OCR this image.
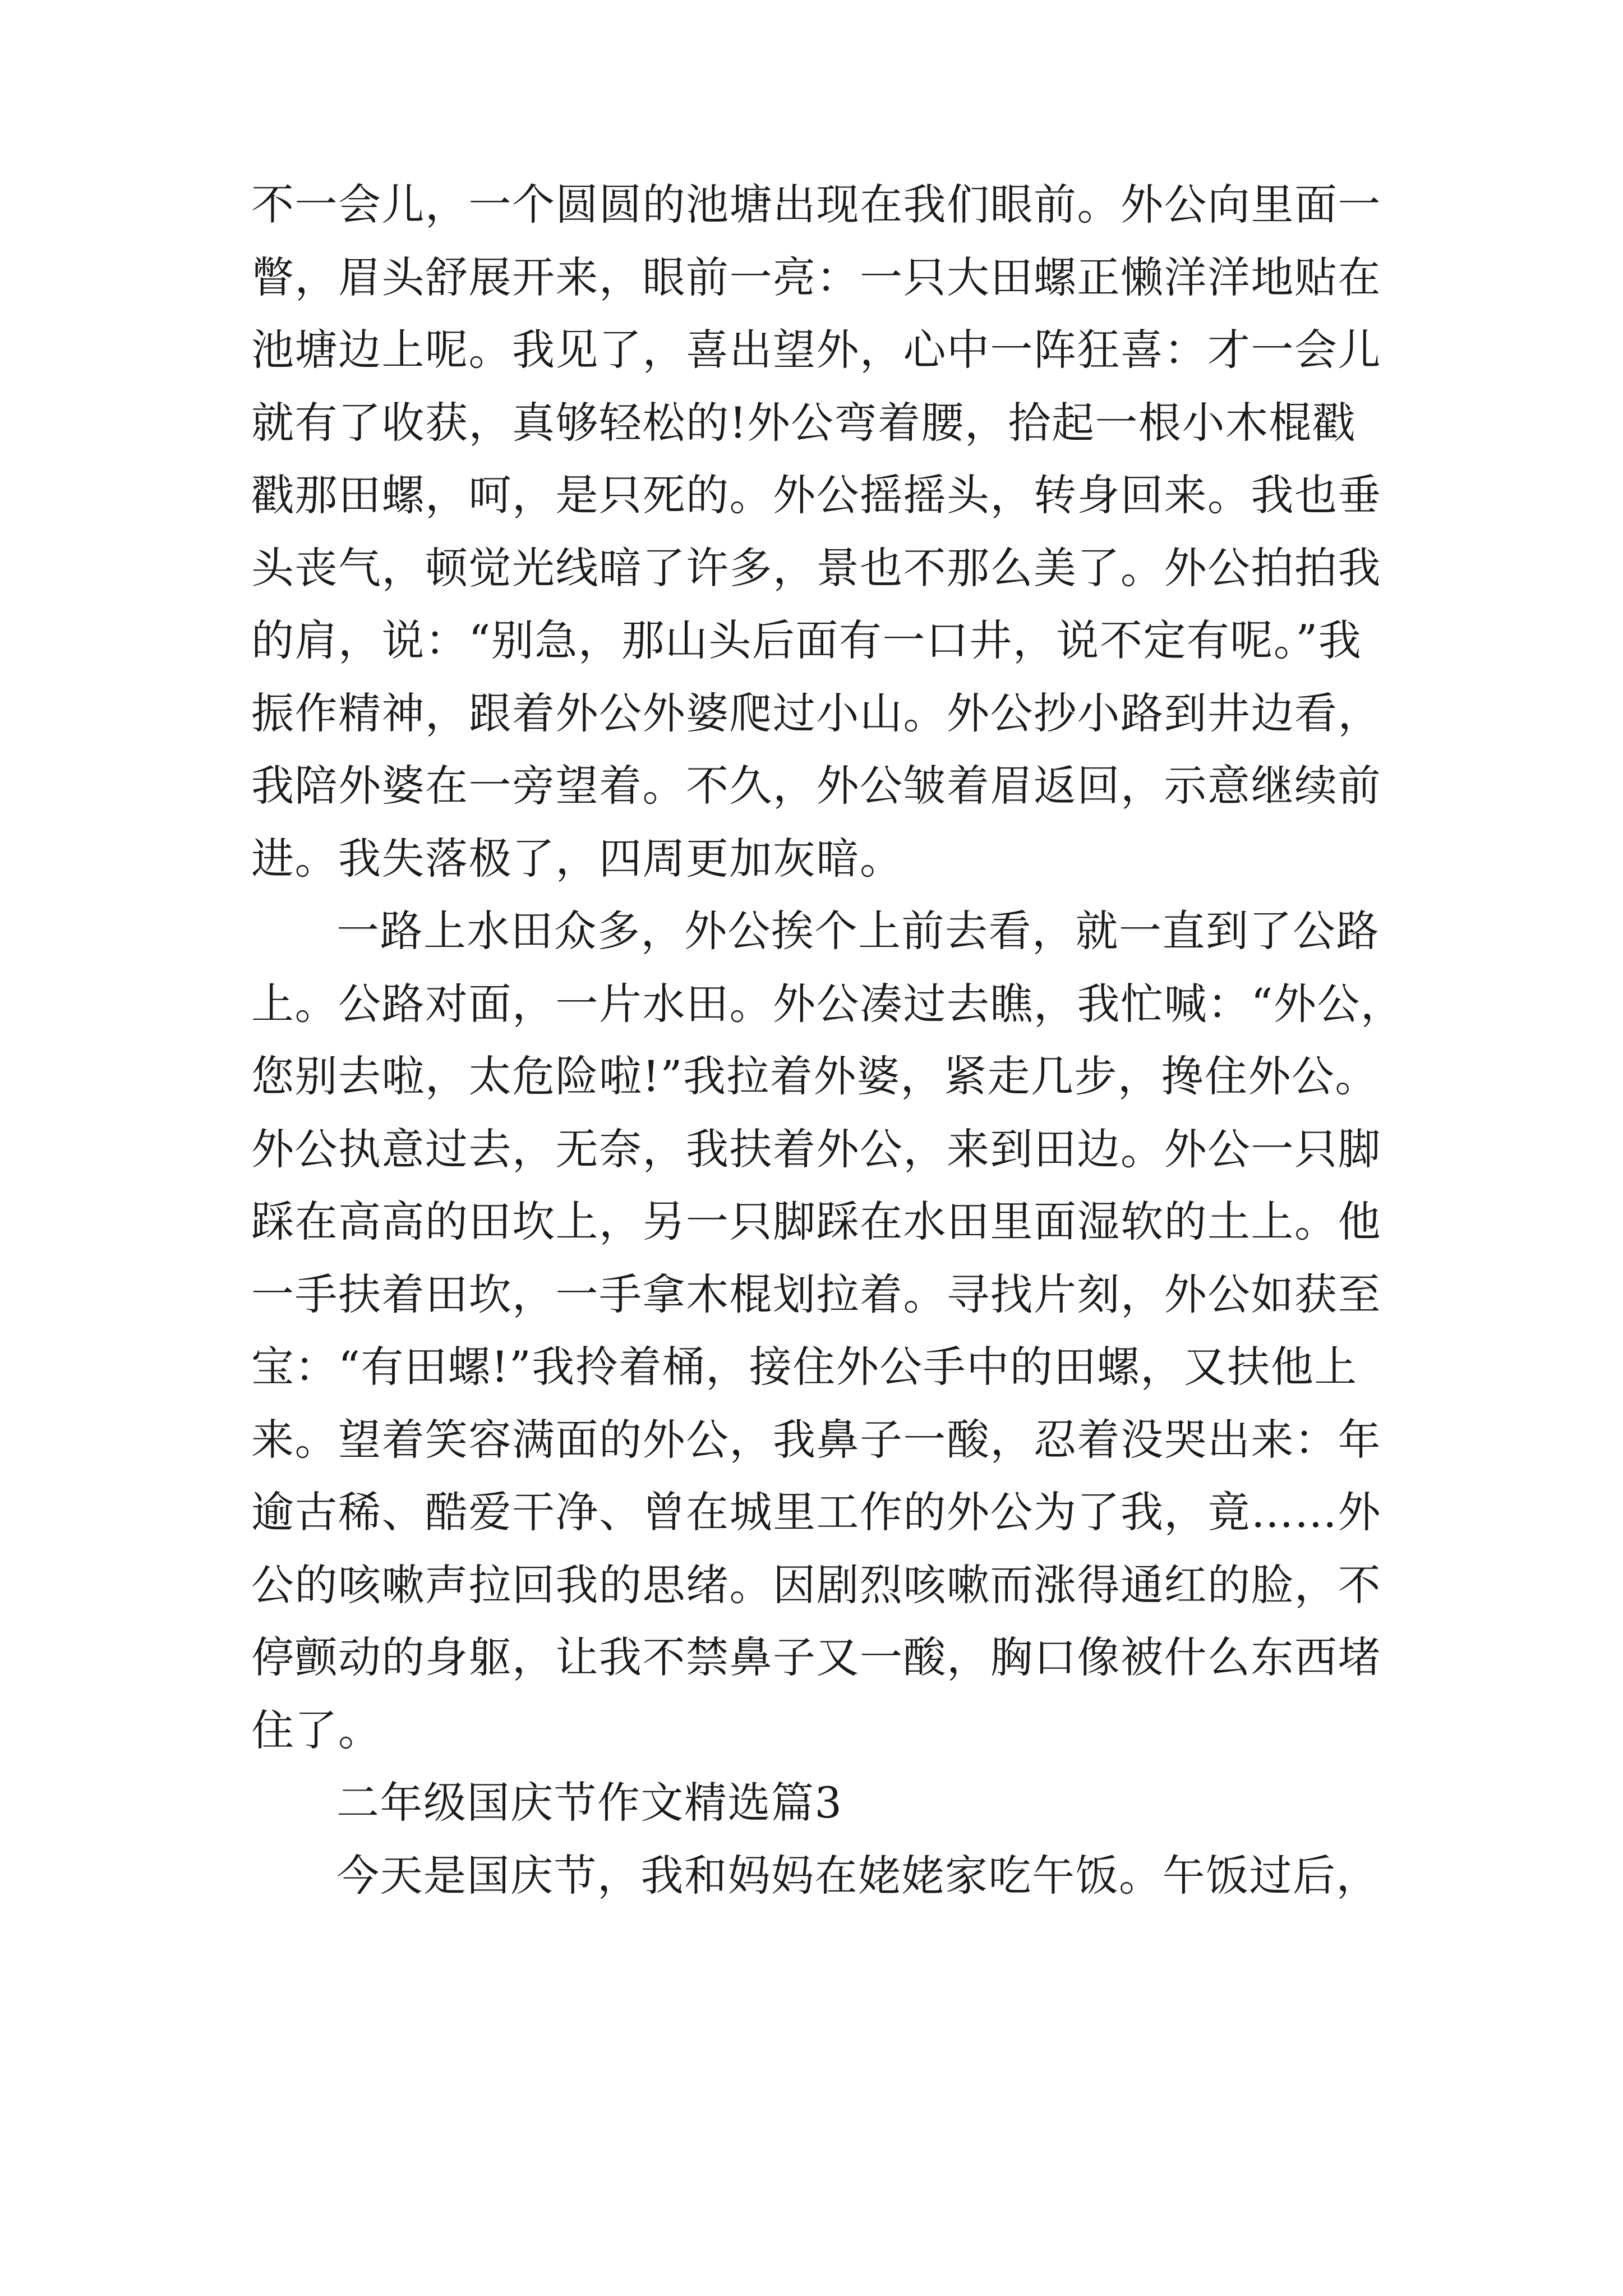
不一会儿，一个圆圆的池塘出现在我们眼前。外公向里面一
瞥，眉头舒展开来，眼前一亮：一只大田螺正懒洋洋地贴在
池塘边上呢。我见了，喜出望外，心中一阵狂喜：才一会儿
就有了收获，真够轻松的!外公弯着腰，拾起一根小木棍戳
戳那田螺，呵，是只死的。外公摇摇头，转身回来。我也垂
头丧气，顿觉光线暗了许多，景也不那么美了。外公拍拍我
的肩，说：“别急，那山头后面有一口井，说不定有呢。”我
振作精神，跟着外公外婆爬过小山。外公抄小路到井边看，
我陪外婆在一旁望着。不久，外公皱着眉返回，示意继续前
进。我失落极了，四周更加灰暗。
一路上水田众多，外公挨个上前去看，就一直到了公路
上。公路对面，一片水田。外公凑过去瞧，我忙喊：“外公，
您别去啦，太危险啦!”我拉着外婆，紧走几步，搀住外公。
外公执意过去，无奈，我扶着外公，来到田边。外公一只脚
踩在高高的田坎上，另一只脚踩在水田里面湿软的土上。他
一手扶着田坎，一手拿木棍划拉着。寻找片刻，外公如获至
宝：“有田螺!”我拎着桶，接住外公手中的田螺，又扶他上
来。望着笑容满面的外公，我鼻子一酸，忍着没哭出来：年
逾古稀、酷爱干净、曾在城里工作的外公为了我，竟……外
公的咳嗽声拉回我的思绪。因剧烈咳嗽而涨得通红的脸，不
停颤动的身躯，让我不禁鼻子又一酸，胸口像被什么东西堵
住了。
二年级国庆节作文精选篇3
今天是国庆节，我和妈妈在姥姥家吃午饭。午饭过后，
